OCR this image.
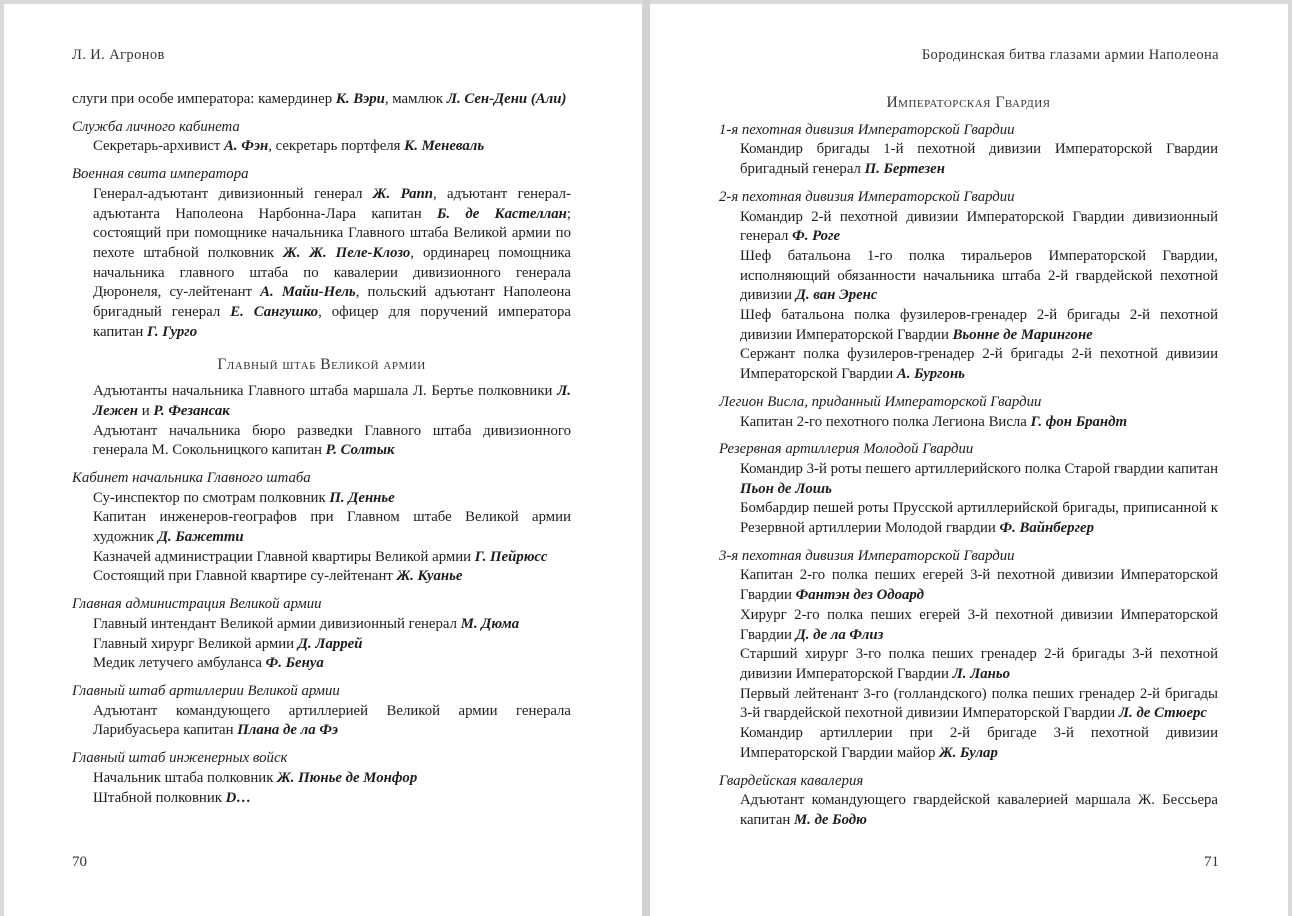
Л. И. Агронов

слуги при особе императора: камердинер К. Вэри, мамлюк Л. Сен-Дени (Али)

Служба личного кабинета

Секретарь-архивист А. Фэн, секретарь портфеля К. Меневаль

Военная свита императора

Генерал-адъютант дивизионный генерал Ж. Рапп, адъютант генерал-адъютанта Наполеона Нарбонна-Лара капитан Б. де Кастеллан; состоящий при помощнике начальника Главного штаба Великой армии по пехоте штабной полковник Ж. Ж. Пеле-Клозо, ординарец помощника начальника главного штаба по кавалерии дивизионного генерала Дюронеля, су-лейтенант А. Майи-Нель, польский адъютант Наполеона бригадный генерал Е. Сангушко, офицер для поручений императора капитан Г. Гурго

Главный штаб Великой армии

Адъютанты начальника Главного штаба маршала Л. Бертье полковники Л. Лежен и Р. Фезансак

Адъютант начальника бюро разведки Главного штаба дивизионного генерала М. Сокольницкого капитан Р. Солтык

Кабинет начальника Главного штаба

Су-инспектор по смотрам полковник П. Денньe

Капитан инженеров-географов при Главном штабе Великой армии художник Д. Бажетти

Казначей администрации Главной квартиры Великой армии Г. Пейрюсс

Состоящий при Главной квартире су-лейтенант Ж. Куанье

Главная администрация Великой армии

Главный интендант Великой армии дивизионный генерал М. Дюма

Главный хирург Великой армии Д. Ларрей

Медик летучего амбуланса Ф. Бенуа

Главный штаб артиллерии Великой армии

Адъютант командующего артиллерией Великой армии генерала Ларибуасьера капитан Плана де ла Фэ

Главный штаб инженерных войск

Начальник штаба полковник Ж. Пюнье де Монфор

Штабной полковник D…

70
Бородинская битва глазами армии Наполеона

Императорская Гвардия

1-я пехотная дивизия Императорской Гвардии

Командир бригады 1-й пехотной дивизии Императорской Гвардии бригадный генерал П. Бертезен

2-я пехотная дивизия Императорской Гвардии

Командир 2-й пехотной дивизии Императорской Гвардии дивизионный генерал Ф. Роге

Шеф батальона 1-го полка тиральеров Императорской Гвардии, исполняющий обязанности начальника штаба 2-й гвардейской пехотной дивизии Д. ван Эренс

Шеф батальона полка фузилеров-гренадер 2-й бригады 2-й пехотной дивизии Императорской Гвардии Вьонне де Марингоне

Сержант полка фузилеров-гренадер 2-й бригады 2-й пехотной дивизии Императорской Гвардии А. Бургонь

Легион Висла, приданный Императорской Гвардии

Капитан 2-го пехотного полка Легиона Висла Г. фон Брандт

Резервная артиллерия Молодой Гвардии

Командир 3-й роты пешего артиллерийского полка Старой гвардии капитан Пьон де Лошь

Бомбардир пешей роты Прусской артиллерийской бригады, приписанной к Резервной артиллерии Молодой гвардии Ф. Вайнбергер

3-я пехотная дивизия Императорской Гвардии

Капитан 2-го полка пеших егерей 3-й пехотной дивизии Императорской Гвардии Фантэн дез Одоард

Хирург 2-го полка пеших егерей 3-й пехотной дивизии Императорской Гвардии Д. де ла Флиз

Старший хирург 3-го полка пеших гренадер 2-й бригады 3-й пехотной дивизии Императорской Гвардии Л. Ланьо

Первый лейтенант 3-го (голландского) полка пеших гренадер 2-й бригады 3-й гвардейской пехотной дивизии Императорской Гвардии Л. де Стюерс

Командир артиллерии при 2-й бригаде 3-й пехотной дивизии Императорской Гвардии майор Ж. Булар

Гвардейская кавалерия

Адъютант командующего гвардейской кавалерией маршала Ж. Бессьера капитан М. де Бодю

71
